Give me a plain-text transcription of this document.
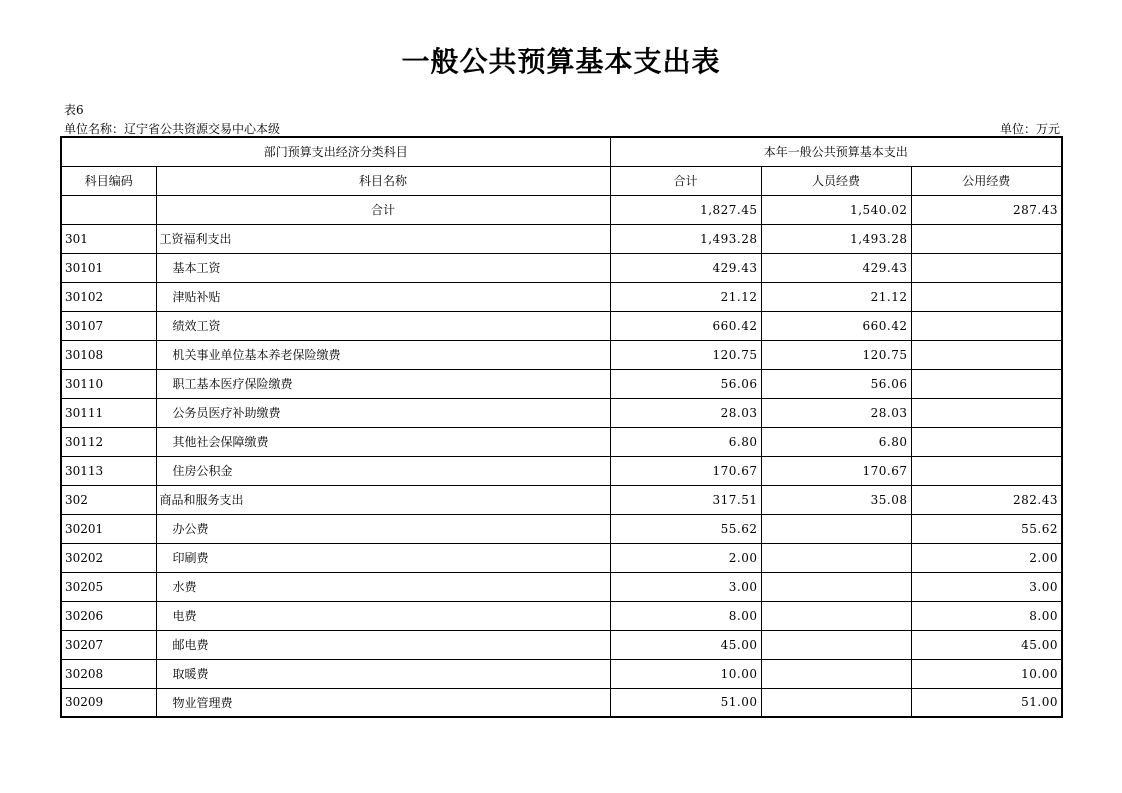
一般公共预算基本支出表
表6
单位名称：辽宁省公共资源交易中心本级	单位：万元
部门预算支出经济分类科目		本年一般公共预算基本支出		
科目编码	科目名称	合计	人员经费	公用经费
	合计	1,827.45	1,540.02	287.43
301	工资福利支出	1,493.28	1,493.28	
30101	基本工资	429.43	429.43	
30102	津贴补贴	21.12	21.12	
30107	绩效工资	660.42	660.42	
30108	机关事业单位基本养老保险缴费	120.75	120.75	
30110	职工基本医疗保险缴费	56.06	56.06	
30111	公务员医疗补助缴费	28.03	28.03	
30112	其他社会保障缴费	6.80	6.80	
30113	住房公积金	170.67	170.67	
302	商品和服务支出	317.51	35.08	282.43
30201	办公费	55.62		55.62
30202	印刷费	2.00		2.00
30205	水费	3.00		3.00
30206	电费	8.00		8.00
30207	邮电费	45.00		45.00
30208	取暖费	10.00		10.00
30209	物业管理费	51.00		51.00
